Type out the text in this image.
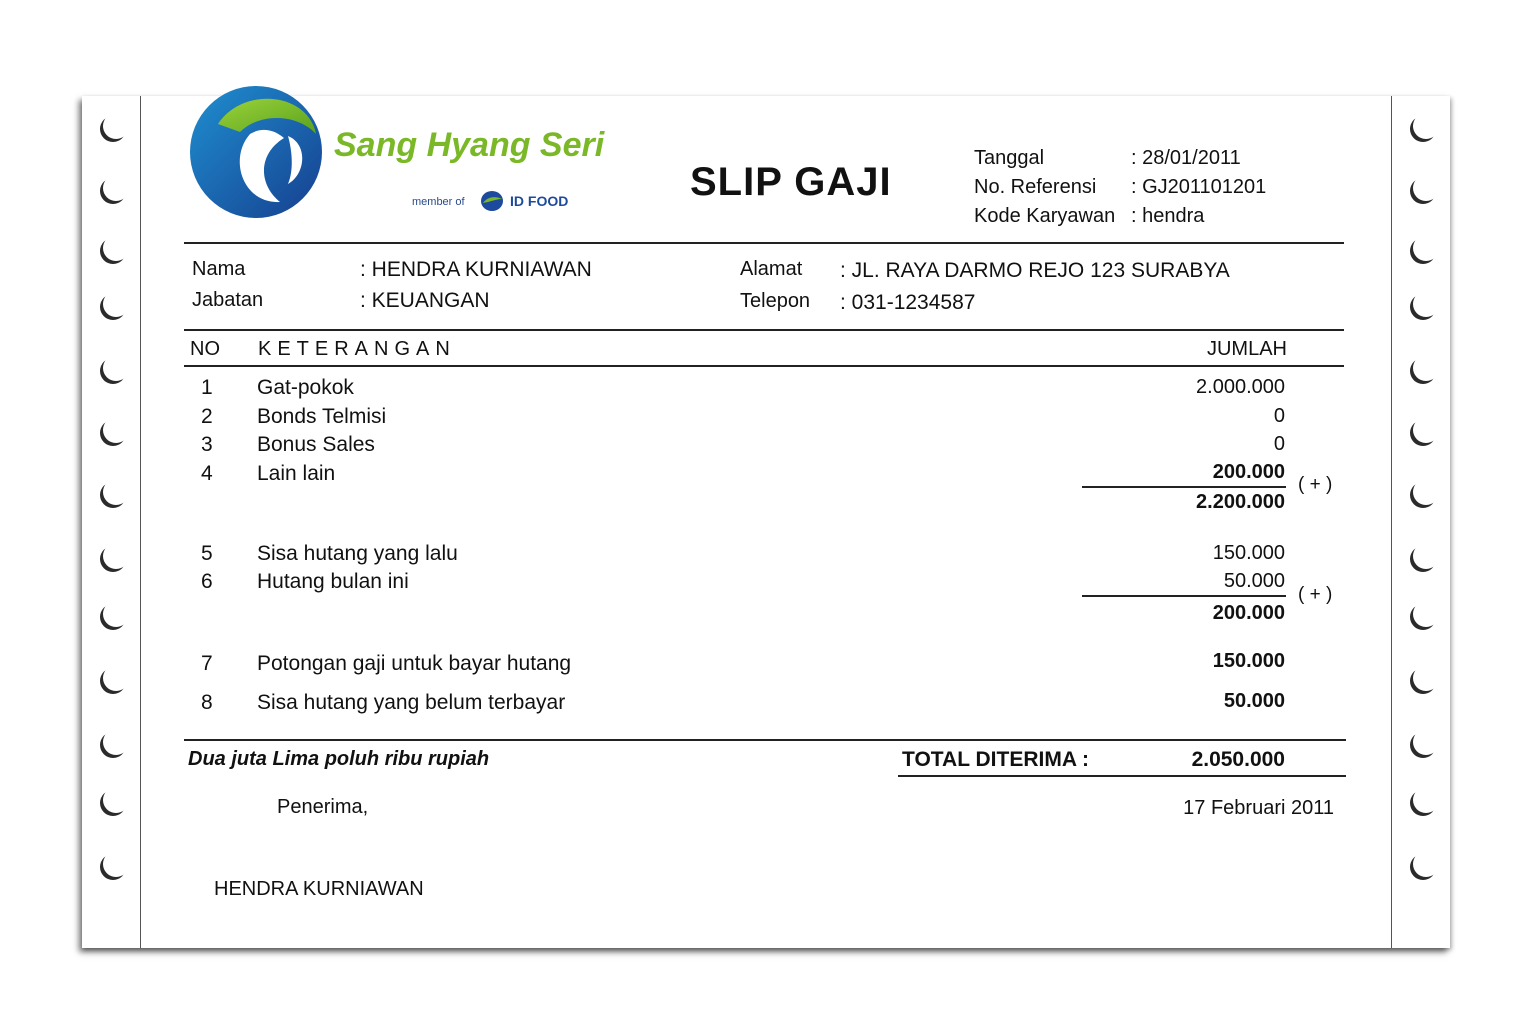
Sang Hyang Seri
member of	ID FOOD	SLIP GAJI
Tanggal	: 28/01/2011
No. Referensi : GJ201101201
Kode Karyawan : hendra
Nama	: HENDRA KURNIAWAN
Jabatan	: KEUANGAN
Alamat : JL. RAYA DARMO REJO 123 SURABYA
Telepon : 031-1234587
NO KETERANGAN	JUMLAH
1 Gat-pokok	2.000.000
2 Bonds Telmisi	0
3 Bonus Sales	0
4 Lain lain	200.000
( + )
2.200.000
5 Sisa hutang yang lalu	150.000
6 Hutang bulan ini	50.000
( + )
200.000
7 Potongan gaji untuk bayar hutang	150.000
8 Sisa hutang yang belum terbayar	50.000
Dua juta Lima poluh ribu rupiah	TOTAL DITERIMA :	2.050.000
Penerima,	17 Februari 2011
HENDRA KURNIAWAN
